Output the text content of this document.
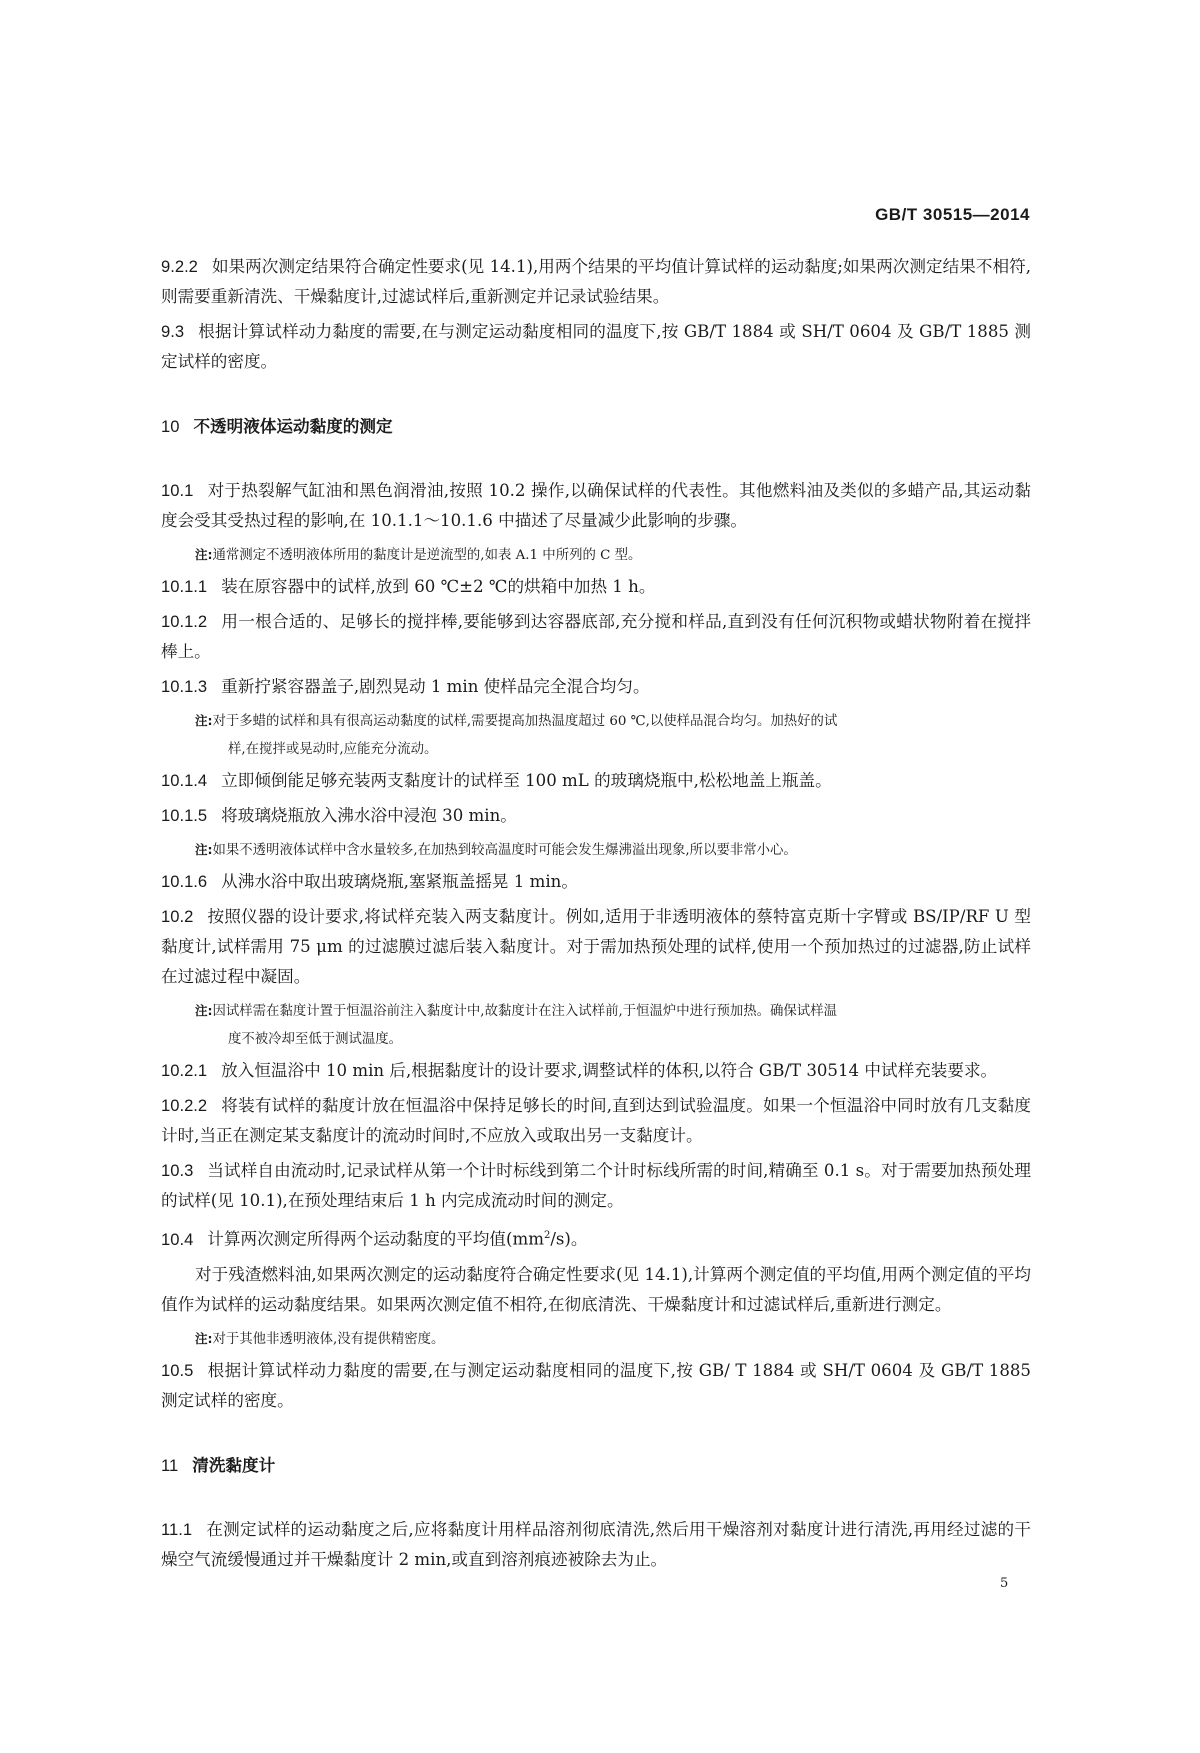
GB/T 30515—2014

9.2.2 如果两次测定结果符合确定性要求(见 14.1),用两个结果的平均值计算试样的运动黏度;如果两次测定结果不相符,则需要重新清洗、干燥黏度计,过滤试样后,重新测定并记录试验结果。

9.3 根据计算试样动力黏度的需要,在与测定运动黏度相同的温度下,按 GB/T 1884 或 SH/T 0604 及 GB/T 1885 测定试样的密度。

10 不透明液体运动黏度的测定

10.1 对于热裂解气缸油和黑色润滑油,按照 10.2 操作,以确保试样的代表性。其他燃料油及类似的多蜡产品,其运动黏度会受其受热过程的影响,在 10.1.1～10.1.6 中描述了尽量减少此影响的步骤。

注:通常测定不透明液体所用的黏度计是逆流型的,如表 A.1 中所列的 C 型。

10.1.1 装在原容器中的试样,放到 60 ℃±2 ℃的烘箱中加热 1 h。

10.1.2 用一根合适的、足够长的搅拌棒,要能够到达容器底部,充分搅和样品,直到没有任何沉积物或蜡状物附着在搅拌棒上。

10.1.3 重新拧紧容器盖子,剧烈晃动 1 min 使样品完全混合均匀。

注:对于多蜡的试样和具有很高运动黏度的试样,需要提高加热温度超过 60 ℃,以使样品混合均匀。加热好的试
样,在搅拌或晃动时,应能充分流动。

10.1.4 立即倾倒能足够充装两支黏度计的试样至 100 mL 的玻璃烧瓶中,松松地盖上瓶盖。

10.1.5 将玻璃烧瓶放入沸水浴中浸泡 30 min。

注:如果不透明液体试样中含水量较多,在加热到较高温度时可能会发生爆沸溢出现象,所以要非常小心。

10.1.6 从沸水浴中取出玻璃烧瓶,塞紧瓶盖摇晃 1 min。

10.2 按照仪器的设计要求,将试样充装入两支黏度计。例如,适用于非透明液体的蔡特富克斯十字臂或 BS/IP/RF U 型黏度计,试样需用 75 μm 的过滤膜过滤后装入黏度计。对于需加热预处理的试样,使用一个预加热过的过滤器,防止试样在过滤过程中凝固。

注:因试样需在黏度计置于恒温浴前注入黏度计中,故黏度计在注入试样前,于恒温炉中进行预加热。确保试样温
度不被冷却至低于测试温度。

10.2.1 放入恒温浴中 10 min 后,根据黏度计的设计要求,调整试样的体积,以符合 GB/T 30514 中试样充装要求。

10.2.2 将装有试样的黏度计放在恒温浴中保持足够长的时间,直到达到试验温度。如果一个恒温浴中同时放有几支黏度计时,当正在测定某支黏度计的流动时间时,不应放入或取出另一支黏度计。

10.3 当试样自由流动时,记录试样从第一个计时标线到第二个计时标线所需的时间,精确至 0.1 s。对于需要加热预处理的试样(见 10.1),在预处理结束后 1 h 内完成流动时间的测定。

10.4 计算两次测定所得两个运动黏度的平均值$(mm^2/s)$。

对于残渣燃料油,如果两次测定的运动黏度符合确定性要求(见 14.1),计算两个测定值的平均值,用两个测定值的平均值作为试样的运动黏度结果。如果两次测定值不相符,在彻底清洗、干燥黏度计和过滤试样后,重新进行测定。

注:对于其他非透明液体,没有提供精密度。

10.5 根据计算试样动力黏度的需要,在与测定运动黏度相同的温度下,按 GB/ T 1884 或 SH/T 0604 及 GB/T 1885 测定试样的密度。

11 清洗黏度计

11.1 在测定试样的运动黏度之后,应将黏度计用样品溶剂彻底清洗,然后用干燥溶剂对黏度计进行清洗,再用经过滤的干燥空气流缓慢通过并干燥黏度计 2 min,或直到溶剂痕迹被除去为止。

5
